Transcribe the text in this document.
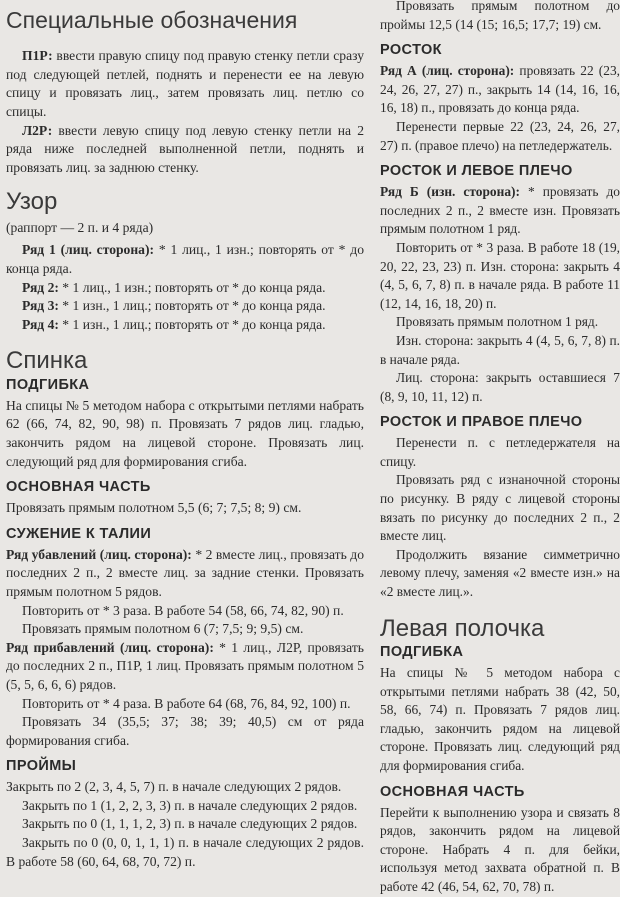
Специальные обозначения

П1Р: ввести правую спицу под правую стенку петли сразу под следующей петлей, поднять и перенести ее на левую спицу и провязать лиц., затем провязать лиц. петлю со спицы.

Л2Р: ввести левую спицу под левую стенку петли на 2 ряда ниже последней выполненной петли, поднять и провязать лиц. за заднюю стенку.

Узор

(раппорт — 2 п. и 4 ряда)

Ряд 1 (лиц. сторона): * 1 лиц., 1 изн.; повторять от * до конца ряда.

Ряд 2: * 1 лиц., 1 изн.; повторять от * до конца ряда.

Ряд 3: * 1 изн., 1 лиц.; повторять от * до конца ряда.

Ряд 4: * 1 изн., 1 лиц.; повторять от * до конца ряда.

Спинка
ПОДГИБКА

На спицы № 5 методом набора с открытыми петлями набрать 62 (66, 74, 82, 90, 98) п. Провязать 7 рядов лиц. гладью, закончить рядом на лицевой стороне. Провязать лиц. следующий ряд для формирования сгиба.

ОСНОВНАЯ ЧАСТЬ

Провязать прямым полотном 5,5 (6; 7; 7,5; 8; 9) см.

СУЖЕНИЕ К ТАЛИИ

Ряд убавлений (лиц. сторона): * 2 вместе лиц., провязать до последних 2 п., 2 вместе лиц. за задние стенки. Провязать прямым полотном 5 рядов.

Повторить от * 3 раза. В работе 54 (58, 66, 74, 82, 90) п.

Провязать прямым полотном 6 (7; 7,5; 9; 9,5) см.

Ряд прибавлений (лиц. сторона): * 1 лиц., Л2Р, провязать до последних 2 п., П1Р, 1 лиц. Провязать прямым полотном 5 (5, 5, 6, 6, 6) рядов.

Повторить от * 4 раза. В работе 64 (68, 76, 84, 92, 100) п.

Провязать 34 (35,5; 37; 38; 39; 40,5) см от ряда формирования сгиба.

ПРОЙМЫ

Закрыть по 2 (2, 3, 4, 5, 7) п. в начале следующих 2 рядов.

Закрыть по 1 (1, 2, 2, 3, 3) п. в начале следующих 2 рядов.

Закрыть по 0 (1, 1, 1, 2, 3) п. в начале следующих 2 рядов.

Закрыть по 0 (0, 0, 1, 1, 1) п. в начале следующих 2 рядов. В работе 58 (60, 64, 68, 70, 72) п.

Провязать прямым полотном до проймы 12,5 (14 (15; 16,5; 17,7; 19) см.

РОСТОК

Ряд А (лиц. сторона): провязать 22 (23, 24, 26, 27, 27) п., закрыть 14 (14, 16, 16, 16, 18) п., провязать до конца ряда.

Перенести первые 22 (23, 24, 26, 27, 27) п. (правое плечо) на петледержатель.

РОСТОК И ЛЕВОЕ ПЛЕЧО

Ряд Б (изн. сторона): * провязать до последних 2 п., 2 вместе изн. Провязать прямым полотном 1 ряд.

Повторить от * 3 раза. В работе 18 (19, 20, 22, 23, 23) п. Изн. сторона: закрыть 4 (4, 5, 6, 7, 8) п. в начале ряда. В работе 11 (12, 14, 16, 18, 20) п.

Провязать прямым полотном 1 ряд.

Изн. сторона: закрыть 4 (4, 5, 6, 7, 8) п. в начале ряда.

Лиц. сторона: закрыть оставшиеся 7 (8, 9, 10, 11, 12) п.

РОСТОК И ПРАВОЕ ПЛЕЧО

Перенести п. с петледержателя на спицу.

Провязать ряд с изнаночной стороны по рисунку. В ряду с лицевой стороны вязать по рисунку до последних 2 п., 2 вместе лиц.

Продолжить вязание симметрично левому плечу, заменяя «2 вместе изн.» на «2 вместе лиц.».

Левая полочка
ПОДГИБКА

На спицы № 5 методом набора с открытыми петлями набрать 38 (42, 50, 58, 66, 74) п. Провязать 7 рядов лиц. гладью, закончить рядом на лицевой стороне. Провязать лиц. следующий ряд для формирования сгиба.

ОСНОВНАЯ ЧАСТЬ

Перейти к выполнению узора и связать 8 рядов, закончить рядом на лицевой стороне. Набрать 4 п. для бейки, используя метод захвата обратной п. В работе 42 (46, 54, 62, 70, 78) п.
